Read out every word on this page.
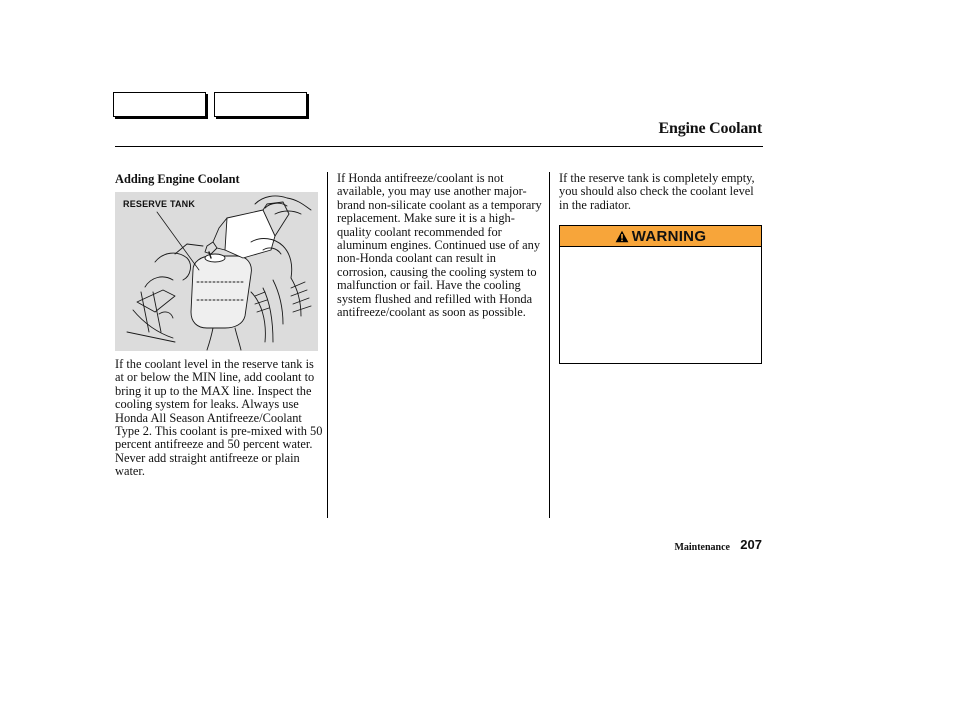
Engine Coolant
Adding Engine Coolant
RESERVE TANK

If the coolant level in the reserve tank is at or below the MIN line, add coolant to bring it up to the MAX line. Inspect the cooling system for leaks. Always use Honda All Season Antifreeze/Coolant Type 2. This coolant is pre-mixed with 50 percent antifreeze and 50 percent water. Never add straight antifreeze or plain water.

If Honda antifreeze/coolant is not available, you may use another major-brand non-silicate coolant as a temporary replacement. Make sure it is a high-quality coolant recommended for aluminum engines. Continued use of any non-Honda coolant can result in corrosion, causing the cooling system to malfunction or fail. Have the cooling system flushed and refilled with Honda antifreeze/coolant as soon as possible.

If the reserve tank is completely empty, you should also check the coolant level in the radiator.

WARNING
Maintenance 207
